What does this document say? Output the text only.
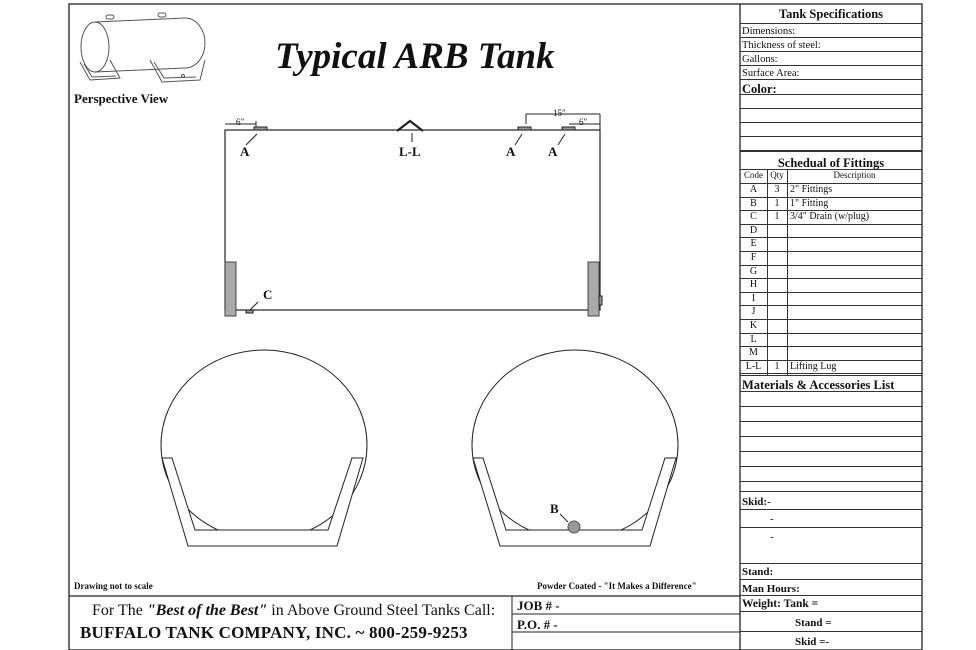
Typical ARB Tank
Perspective View
6"
15"
6"
A	L-L	A	A
C
B
Drawing not to scale	Powder Coated - "It Makes a Difference"
For The "Best of the Best" in Above Ground Steel Tanks Call:
BUFFALO TANK COMPANY, INC. ~ 800-259-9253
JOB # -
P.O. # -
Tank Specifications
Dimensions:
Thickness of steel:
Gallons:
Surface Area:
Color:
Schedual of Fittings
Code Qty	Description
A	3	2" Fittings
B	1	1" Fitting
C	1	3/4" Drain (w/plug)
D
E
F
G
H
I
J
K
L
M
L-L	1	Lifting Lug
Materials & Accessories List
Skid:-
-
-
Stand:
Man Hours:
Weight: Tank =
Stand =
Skid =-
